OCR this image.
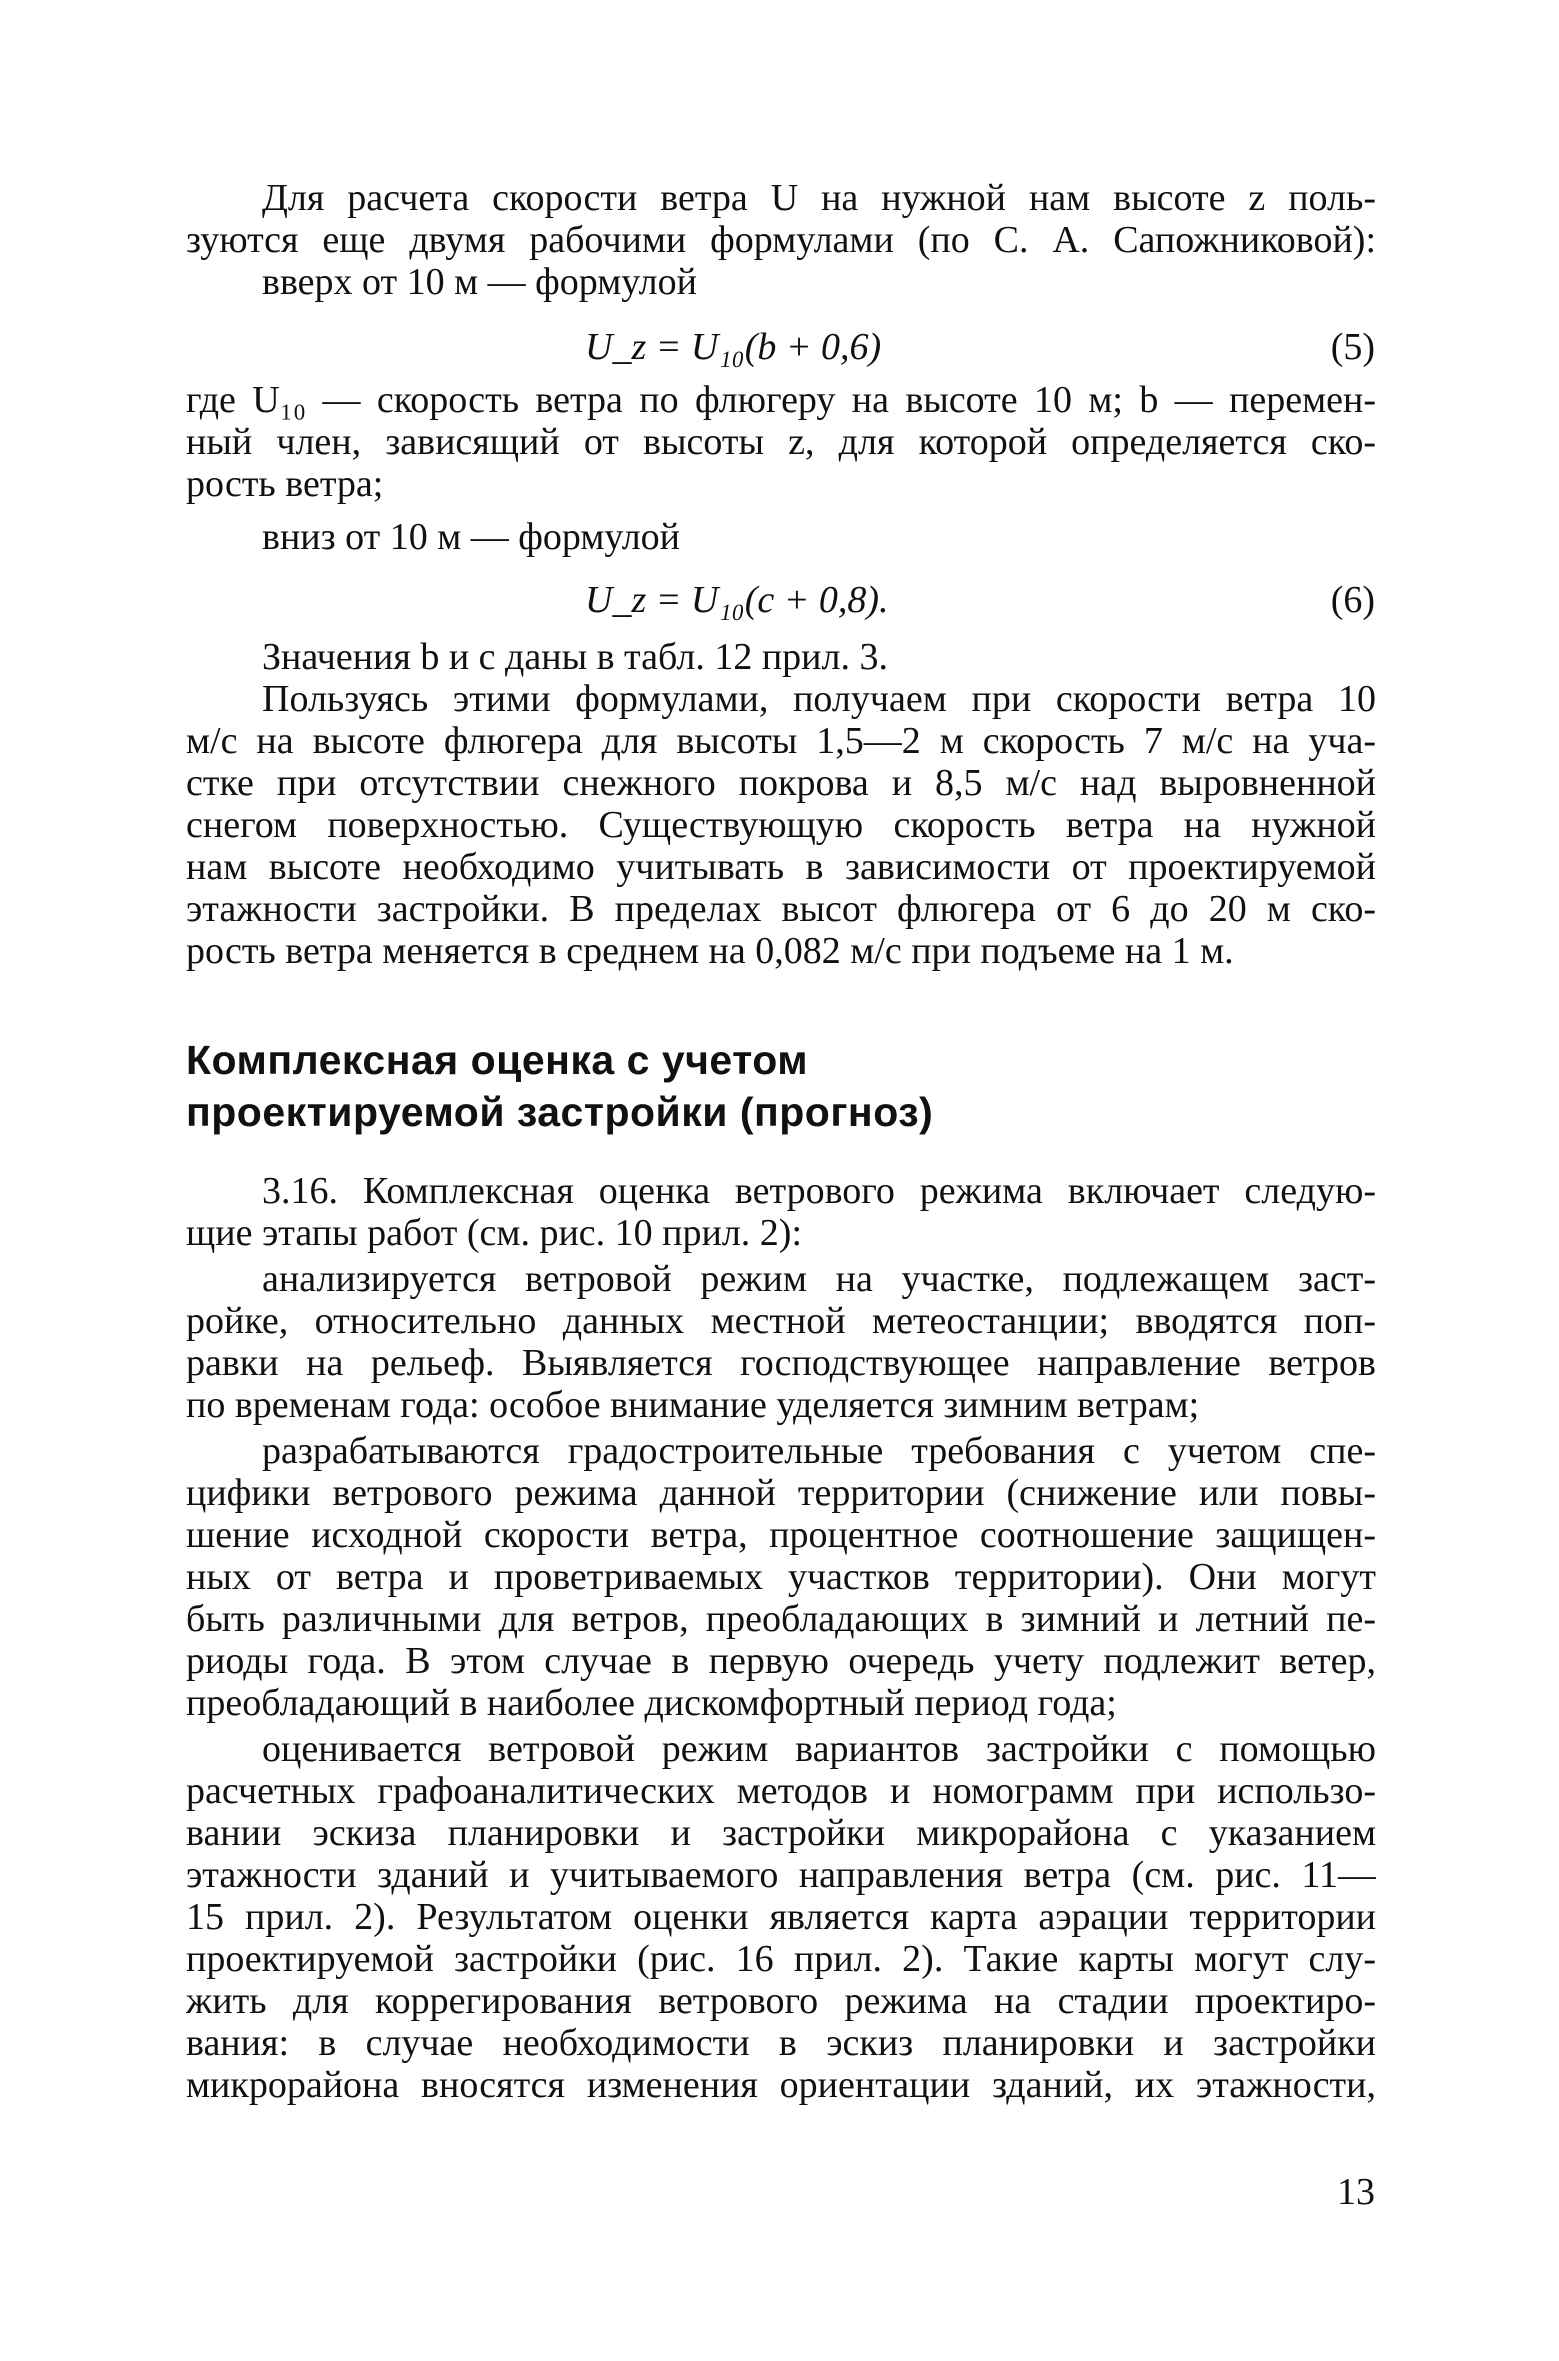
Для расчета скорости ветра U на нужной нам высоте z поль-
зуются еще двумя рабочими формулами (по С. А. Сапожниковой):
вверх от 10 м — формулой
U_z = U₁₀(b + 0,6)	(5)
где U₁₀ — скорость ветра по флюгеру на высоте 10 м; b — перемен-
ный член, зависящий от высоты z, для которой определяется ско-
рость ветра;
вниз от 10 м — формулой
U_z = U₁₀(c + 0,8).	(6)
Значения b и c даны в табл. 12 прил. 3.
Пользуясь этими формулами, получаем при скорости ветра 10
м/с на высоте флюгера для высоты 1,5—2 м скорость 7 м/с на уча-
стке при отсутствии снежного покрова и 8,5 м/с над выровненной
снегом поверхностью. Существующую скорость ветра на нужной
нам высоте необходимо учитывать в зависимости от проектируемой
этажности застройки. В пределах высот флюгера от 6 до 20 м ско-
рость ветра меняется в среднем на 0,082 м/с при подъеме на 1 м.
Комплексная оценка с учетом
проектируемой застройки (прогноз)
3.16. Комплексная оценка ветрового режима включает следую-
щие этапы работ (см. рис. 10 прил. 2):
анализируется ветровой режим на участке, подлежащем заст-
ройке, относительно данных местной метеостанции; вводятся поп-
равки на рельеф. Выявляется господствующее направление ветров
по временам года: особое внимание уделяется зимним ветрам;
разрабатываются градостроительные требования с учетом спе-
цифики ветрового режима данной территории (снижение или повы-
шение исходной скорости ветра, процентное соотношение защищен-
ных от ветра и проветриваемых участков территории). Они могут
быть различными для ветров, преобладающих в зимний и летний пе-
риоды года. В этом случае в первую очередь учету подлежит ветер,
преобладающий в наиболее дискомфортный период года;
оценивается ветровой режим вариантов застройки с помощью
расчетных графоаналитических методов и номограмм при использо-
вании эскиза планировки и застройки микрорайона с указанием
этажности зданий и учитываемого направления ветра (см. рис. 11—
15 прил. 2). Результатом оценки является карта аэрации территории
проектируемой застройки (рис. 16 прил. 2). Такие карты могут слу-
жить для коррегирования ветрового режима на стадии проектиро-
вания: в случае необходимости в эскиз планировки и застройки
микрорайона вносятся изменения ориентации зданий, их этажности,
13
